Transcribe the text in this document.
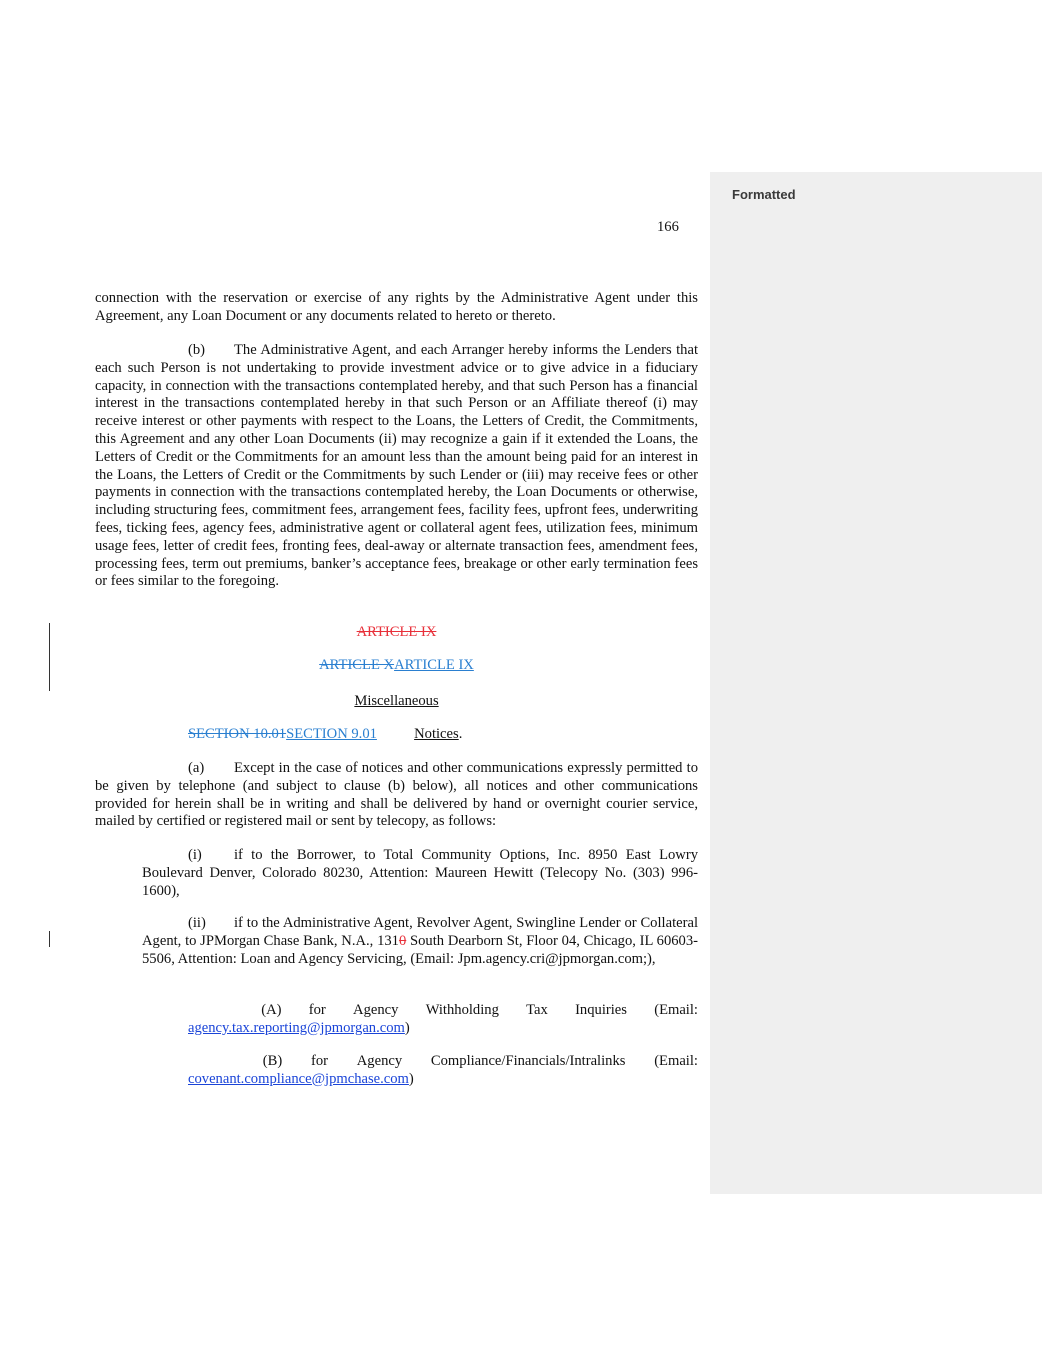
Formatted
166
connection with the reservation or exercise of any rights by the Administrative Agent under this Agreement, any Loan Document or any documents related to hereto or thereto.
(b) The Administrative Agent, and each Arranger hereby informs the Lenders that each such Person is not undertaking to provide investment advice or to give advice in a fiduciary capacity, in connection with the transactions contemplated hereby, and that such Person has a financial interest in the transactions contemplated hereby in that such Person or an Affiliate thereof (i) may receive interest or other payments with respect to the Loans, the Letters of Credit, the Commitments, this Agreement and any other Loan Documents (ii) may recognize a gain if it extended the Loans, the Letters of Credit or the Commitments for an amount less than the amount being paid for an interest in the Loans, the Letters of Credit or the Commitments by such Lender or (iii) may receive fees or other payments in connection with the transactions contemplated hereby, the Loan Documents or otherwise, including structuring fees, commitment fees, arrangement fees, facility fees, upfront fees, underwriting fees, ticking fees, agency fees, administrative agent or collateral agent fees, utilization fees, minimum usage fees, letter of credit fees, fronting fees, deal-away or alternate transaction fees, amendment fees, processing fees, term out premiums, banker’s acceptance fees, breakage or other early termination fees or fees similar to the foregoing.
ARTICLE IX
ARTICLE XARTICLE IX
Miscellaneous
SECTION 10.01SECTION 9.01	Notices.
(a) Except in the case of notices and other communications expressly permitted to be given by telephone (and subject to clause (b) below), all notices and other communications provided for herein shall be in writing and shall be delivered by hand or overnight courier service, mailed by certified or registered mail or sent by telecopy, as follows:
(i) if to the Borrower, to Total Community Options, Inc. 8950 East Lowry Boulevard Denver, Colorado 80230, Attention: Maureen Hewitt (Telecopy No. (303) 996-1600),
(ii) if to the Administrative Agent, Revolver Agent, Swingline Lender or Collateral Agent, to JPMorgan Chase Bank, N.A., 1310 South Dearborn St, Floor 04, Chicago, IL 60603-5506, Attention: Loan and Agency Servicing, (Email: Jpm.agency.cri@jpmorgan.com;),
(A) for Agency Withholding Tax Inquiries (Email:
agency.tax.reporting@jpmorgan.com)
(B) for Agency Compliance/Financials/Intralinks (Email:
covenant.compliance@jpmchase.com)
